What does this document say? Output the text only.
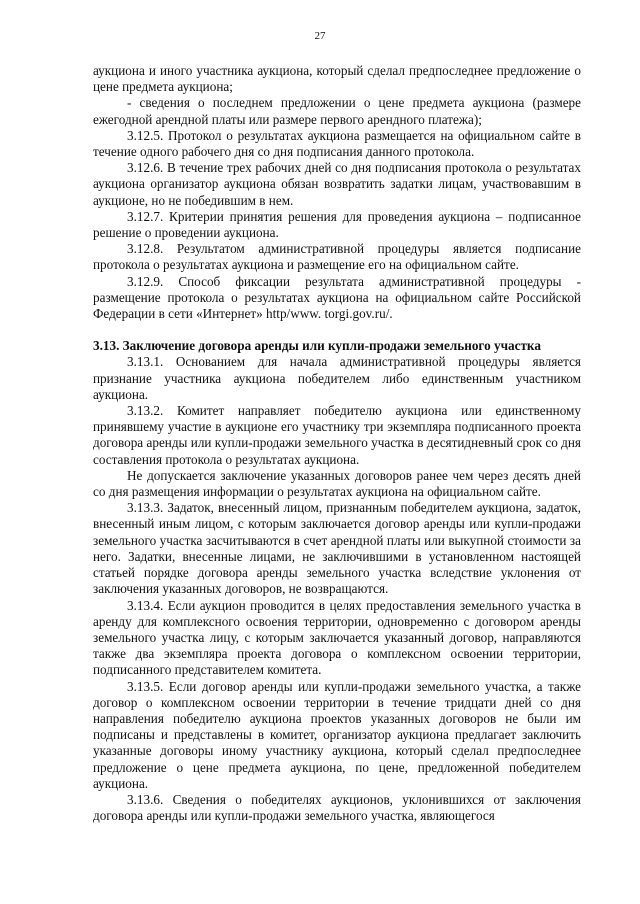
27

аукциона и иного участника аукциона, который сделал предпоследнее предложение о цене предмета аукциона;

- сведения о последнем предложении о цене предмета аукциона (размере ежегодной арендной платы или размере первого арендного платежа);

3.12.5. Протокол о результатах аукциона размещается на официальном сайте в течение одного рабочего дня со дня подписания данного протокола.

3.12.6. В течение трех рабочих дней со дня подписания протокола о результатах аукциона организатор аукциона обязан возвратить задатки лицам, участвовавшим в аукционе, но не победившим в нем.

3.12.7. Критерии принятия решения для проведения аукциона – подписанное решение о проведении аукциона.

3.12.8. Результатом административной процедуры является подписание протокола о результатах аукциона и размещение его на официальном сайте.

3.12.9. Способ фиксации результата административной процедуры - размещение протокола о результатах аукциона на официальном сайте Российской Федерации в сети «Интернет» http/www. torgi.gov.ru/.

3.13. Заключение договора аренды или купли-продажи земельного участка

3.13.1. Основанием для начала административной процедуры является признание участника аукциона победителем либо единственным участником аукциона.

3.13.2. Комитет направляет победителю аукциона или единственному принявшему участие в аукционе его участнику три экземпляра подписанного проекта договора аренды или купли-продажи земельного участка в десятидневный срок со дня составления протокола о результатах аукциона.

Не допускается заключение указанных договоров ранее чем через десять дней со дня размещения информации о результатах аукциона на официальном сайте.

3.13.3. Задаток, внесенный лицом, признанным победителем аукциона, задаток, внесенный иным лицом, с которым заключается договор аренды или купли-продажи земельного участка засчитываются в счет арендной платы или выкупной стоимости за него. Задатки, внесенные лицами, не заключившими в установленном настоящей статьей порядке договора аренды земельного участка вследствие уклонения от заключения указанных договоров, не возвращаются.

3.13.4. Если аукцион проводится в целях предоставления земельного участка в аренду для комплексного освоения территории, одновременно с договором аренды земельного участка лицу, с которым заключается указанный договор, направляются также два экземпляра проекта договора о комплексном освоении территории, подписанного представителем комитета.

3.13.5. Если договор аренды или купли-продажи земельного участка, а также договор о комплексном освоении территории в течение тридцати дней со дня направления победителю аукциона проектов указанных договоров не были им подписаны и представлены в комитет, организатор аукциона предлагает заключить указанные договоры иному участнику аукциона, который сделал предпоследнее предложение о цене предмета аукциона, по цене, предложенной победителем аукциона.

3.13.6. Сведения о победителях аукционов, уклонившихся от заключения договора аренды или купли-продажи земельного участка, являющегося
